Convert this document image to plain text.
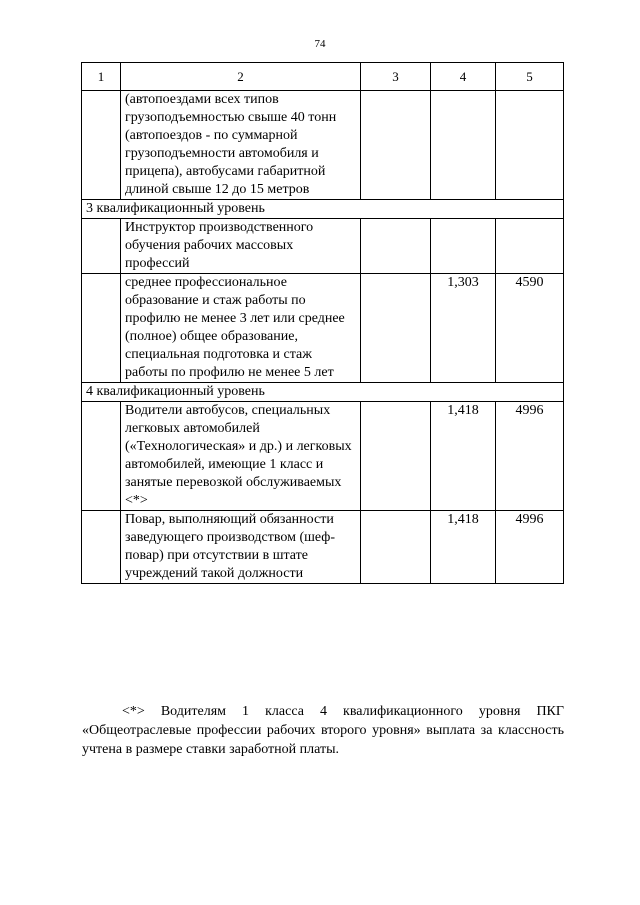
74
1	2	3	4	5
	(автопоездами всех типов грузоподъемностью свыше 40 тонн (автопоездов - по суммарной грузоподъемности автомобиля и прицепа), автобусами габаритной длиной свыше 12 до 15 метров			
3 квалификационный уровень				
	Инструктор производственного обучения рабочих массовых профессий			
	среднее профессиональное образование и стаж работы по профилю не менее 3 лет или среднее (полное) общее образование, специальная подготовка и стаж работы по профилю не менее 5 лет		1,303	4590
4 квалификационный уровень				
	Водители автобусов, специальных легковых автомобилей («Технологическая» и др.) и легковых автомобилей, имеющие 1 класс и занятые перевозкой обслуживаемых <*>		1,418	4996
	Повар, выполняющий обязанности заведующего производством (шеф-повар) при отсутствии в штате учреждений такой должности		1,418	4996

<*> Водителям 1 класса 4 квалификационного уровня ПКГ «Общеотраслевые профессии рабочих второго уровня» выплата за классность учтена в размере ставки заработной платы.
